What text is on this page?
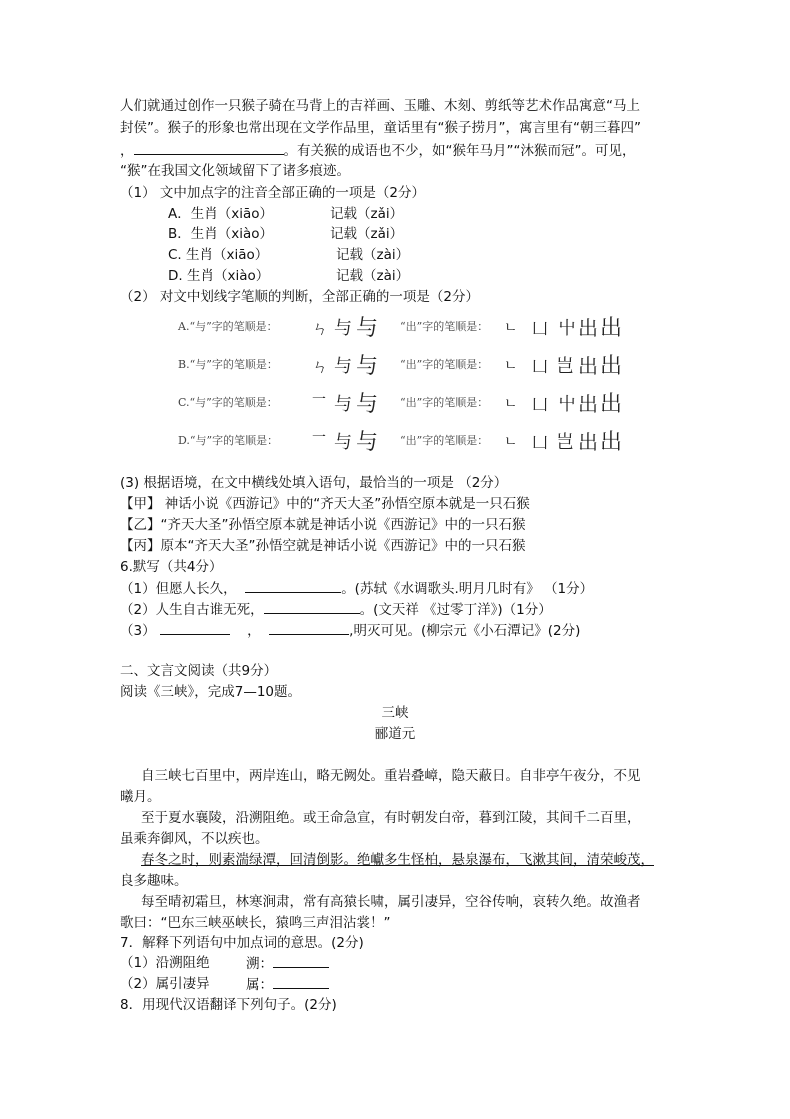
人们就通过创作一只猴子骑在马背上的吉祥画、玉雕、木刻、剪纸等艺术作品寓意“马上
封侯”。猴子的形象也常出现在文学作品里，童话里有“猴子捞月”，寓言里有“朝三暮四”
，	。有关猴的成语也不少，如“猴年马月”“沐猴而冠”。可见，
“猴”在我国文化领域留下了诸多痕迹。
（1） 文中加点字的注音全部正确的一项是（2分）
A．生肖（xiāo）	记载（zǎi）
B．生肖（xiào）	记载（zǎi）
C. 生肖（xiāo）	记载（zài）
D. 生肖（xiào）	记载（zài）
（2） 对文中划线字笔顺的判断，全部正确的一项是（2分）
A.“与”字的笔顺是： ㄣ 与 与 “出”字的笔顺是： ㄴ 凵 屮 出 出
B.“与”字的笔顺是： ㄣ 与 与 “出”字的笔顺是： ㄴ 凵 岂 出 出
C.“与”字的笔顺是： 一 与 与 “出”字的笔顺是： ㄴ 凵 屮 出 出
D.“与”字的笔顺是： 一 与 与 “出”字的笔顺是： ㄴ 凵 岂 出 出
(3) 根据语境，在文中横线处填入语句，最恰当的一项是 （2分）
【甲】 神话小说《西游记》中的“齐天大圣”孙悟空原本就是一只石猴
【乙】“齐天大圣”孙悟空原本就是神话小说《西游记》中的一只石猴
【丙】原本“齐天大圣”孙悟空就是神话小说《西游记》中的一只石猴
6.默写（共4分）
（1）但愿人长久，	。(苏轼《水调歌头.明月几时有》 （1分）
（2）人生自古谁无死，	。(文天祥 《过零丁洋》)（1分）
（3）	，	,明灭可见。(柳宗元《小石潭记》(2分)
二、文言文阅读（共9分）
阅读《三峡》，完成7—10题。
三峡
郦道元
自三峡七百里中，两岸连山，略无阙处。重岩叠嶂，隐天蔽日。自非亭午夜分，不见
曦月。
至于夏水襄陵，沿溯阻绝。或王命急宣，有时朝发白帝，暮到江陵，其间千二百里，
虽乘奔御风，不以疾也。
春冬之时，则素湍绿潭，回清倒影。绝巘多生怪柏，悬泉瀑布，飞漱其间，清荣峻茂，
良多趣味。
每至晴初霜旦，林寒涧肃，常有高猿长啸，属引凄异，空谷传响，哀转久绝。故渔者
歌曰：“巴东三峡巫峡长，猿鸣三声泪沾裳！”
7．解释下列语句中加点词的意思。(2分)
（1）沿溯阻绝	溯：
（2）属引凄异	属：
8．用现代汉语翻译下列句子。(2分)
